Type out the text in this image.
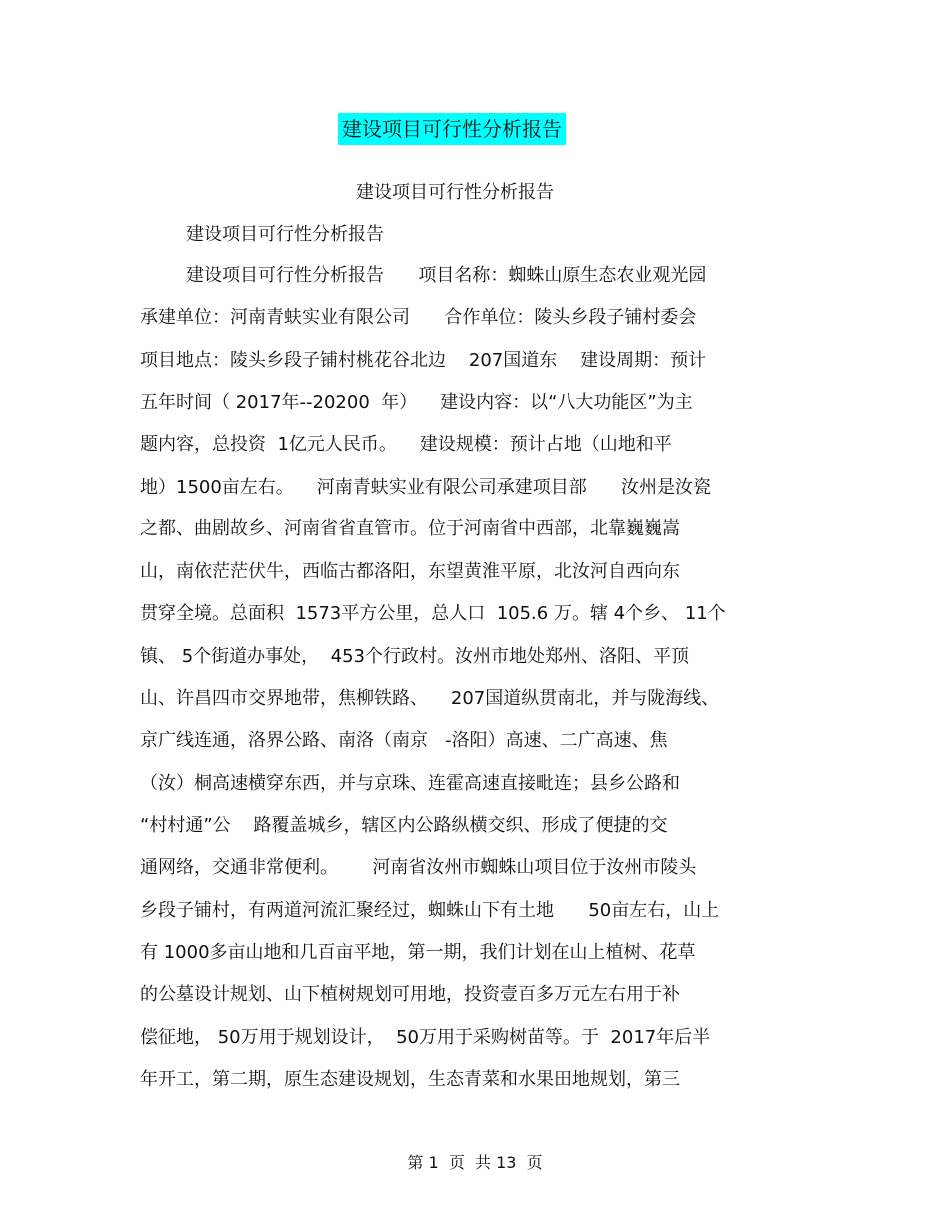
建设项目可行性分析报告
建设项目可行性分析报告
建设项目可行性分析报告
建设项目可行性分析报告      项目名称：蜘蛛山原生态农业观光园
承建单位：河南青蚨实业有限公司      合作单位：陵头乡段子铺村委会
项目地点：陵头乡段子铺村桃花谷北边    207国道东    建设周期：预计
五年时间（ 2017年--20200  年）    建设内容：以“八大功能区”为主
题内容，总投资  1亿元人民币。    建设规模：预计占地（山地和平
地）1500亩左右。    河南青蚨实业有限公司承建项目部      汝州是汝瓷
之都、曲剧故乡、河南省省直管市。位于河南省中西部，北靠巍巍嵩
山，南依茫茫伏牛，西临古都洛阳，东望黄淮平原，北汝河自西向东
贯穿全境。总面积  1573平方公里，总人口  105.6 万。辖 4个乡、 11个
镇、 5个街道办事处，  453个行政村。汝州市地处郑州、洛阳、平顶
山、许昌四市交界地带，焦柳铁路、    207国道纵贯南北，并与陇海线、
京广线连通，洛界公路、南洛（南京   -洛阳）高速、二广高速、焦
（汝）桐高速横穿东西，并与京珠、连霍高速直接毗连；县乡公路和
“村村通”公    路覆盖城乡，辖区内公路纵横交织、形成了便捷的交
通网络，交通非常便利。      河南省汝州市蜘蛛山项目位于汝州市陵头
乡段子铺村，有两道河流汇聚经过，蜘蛛山下有土地      50亩左右，山上
有 1000多亩山地和几百亩平地，第一期，我们计划在山上植树、花草
的公墓设计规划、山下植树规划可用地，投资壹百多万元左右用于补
偿征地， 50万用于规划设计，  50万用于采购树苗等。于  2017年后半
年开工，第二期，原生态建设规划，生态青菜和水果田地规划，第三
第 1  页  共 13  页
